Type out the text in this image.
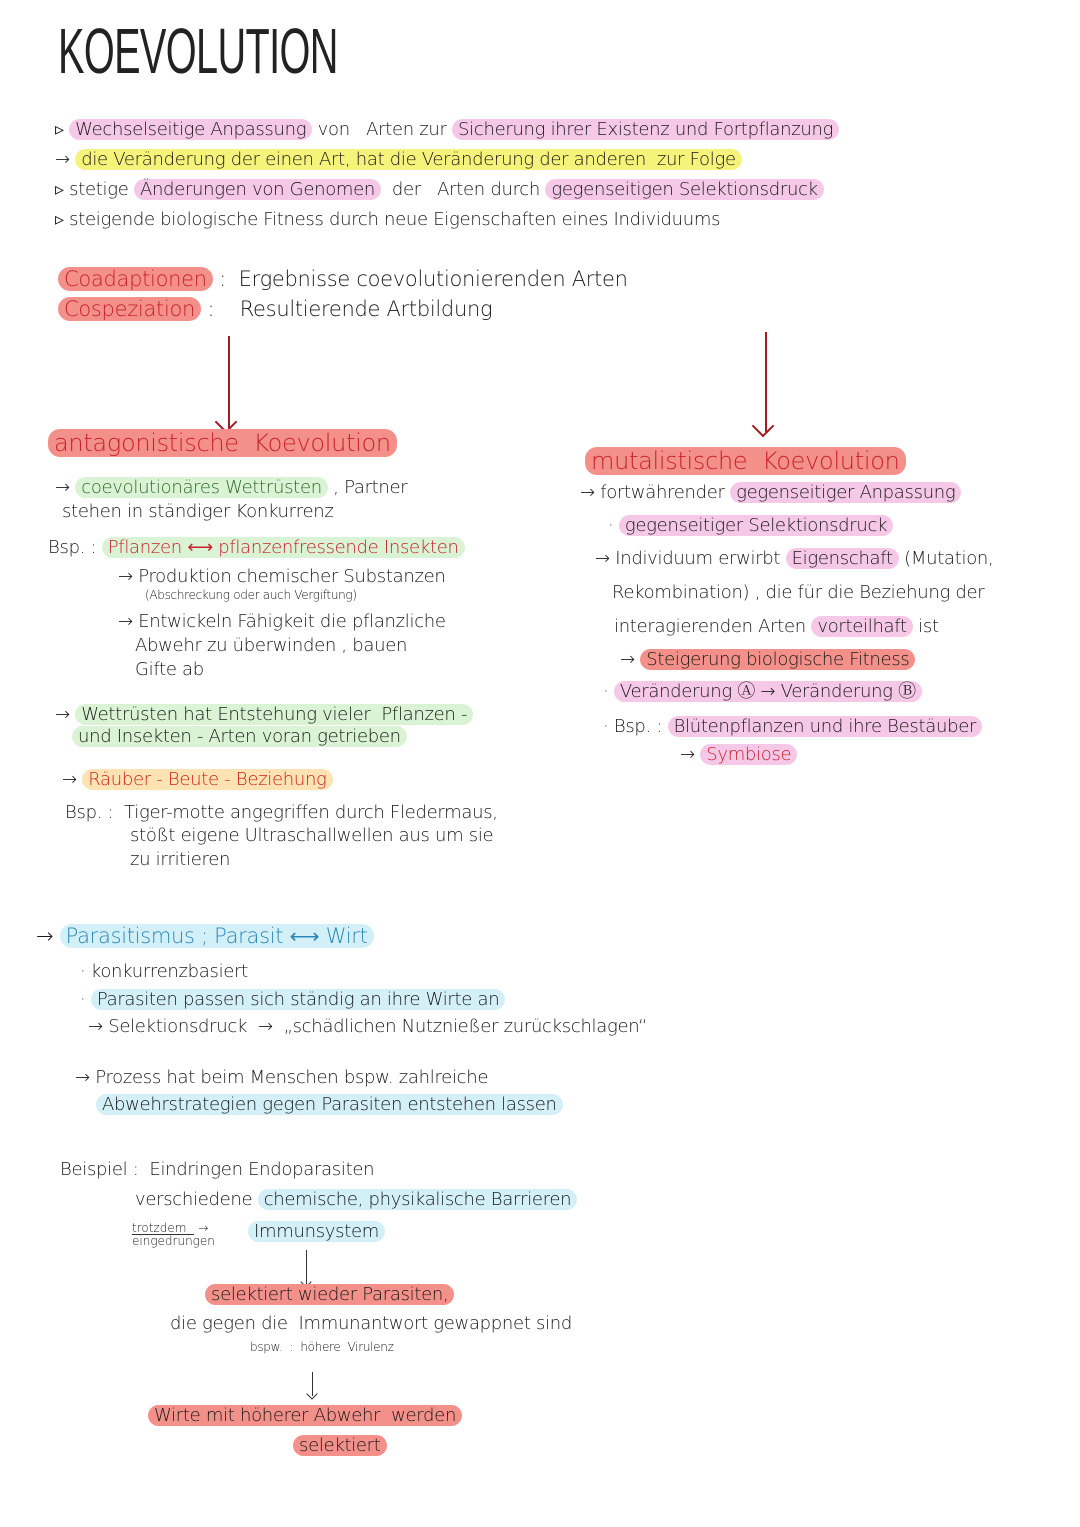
KOEVOLUTION
▹ Wechselseitige Anpassung von   Arten zur Sicherung ihrer Existenz und Fortpflanzung
→ die Veränderung der einen Art, hat die Veränderung der anderen  zur Folge
▹ stetige Änderungen von Genomen  der   Arten durch gegenseitigen Selektionsdruck
▹ steigende biologische Fitness durch neue Eigenschaften eines Individuums
Coadaptionen :  Ergebnisse coevolutionierenden Arten
Cospeziation :    Resultierende Artbildung
antagonistische  Koevolution
→ coevolutionäres Wettrüsten , Partner
stehen in ständiger Konkurrenz
Bsp. : Pflanzen ⟷ pflanzenfressende Insekten
→ Produktion chemischer Substanzen
(Abschreckung oder auch Vergiftung)
→ Entwickeln Fähigkeit die pflanzliche
Abwehr zu überwinden , bauen
Gifte ab
→ Wettrüsten hat Entstehung vieler  Pflanzen -
und Insekten - Arten voran getrieben
→ Räuber - Beute - Beziehung
Bsp. :  Tiger-motte angegriffen durch Fledermaus,
stößt eigene Ultraschallwellen aus um sie
zu irritieren
mutalistische  Koevolution
→ fortwährender gegenseitiger Anpassung
· gegenseitiger Selektionsdruck
→ Individuum erwirbt Eigenschaft (Mutation,
Rekombination) , die für die Beziehung der
interagierenden Arten vorteilhaft ist
→ Steigerung biologische Fitness
· Veränderung Ⓐ → Veränderung Ⓑ
· Bsp. : Blütenpflanzen und ihre Bestäuber
→ Symbiose
→ Parasitismus ; Parasit ⟷ Wirt
· konkurrenzbasiert
· Parasiten passen sich ständig an ihre Wirte an
→ Selektionsdruck  →  „schädlichen Nutznießer zurückschlagen“
→ Prozess hat beim Menschen bspw. zahlreiche
Abwehrstrategien gegen Parasiten entstehen lassen
Beispiel :  Eindringen Endoparasiten
verschiedene chemische, physikalische Barrieren
trotzdem →
eingedrungen	Immunsystem
selektiert wieder Parasiten,
die gegen die  Immunantwort gewappnet sind
bspw.  :  höhere  Virulenz
Wirte mit höherer Abwehr  werden
selektiert
